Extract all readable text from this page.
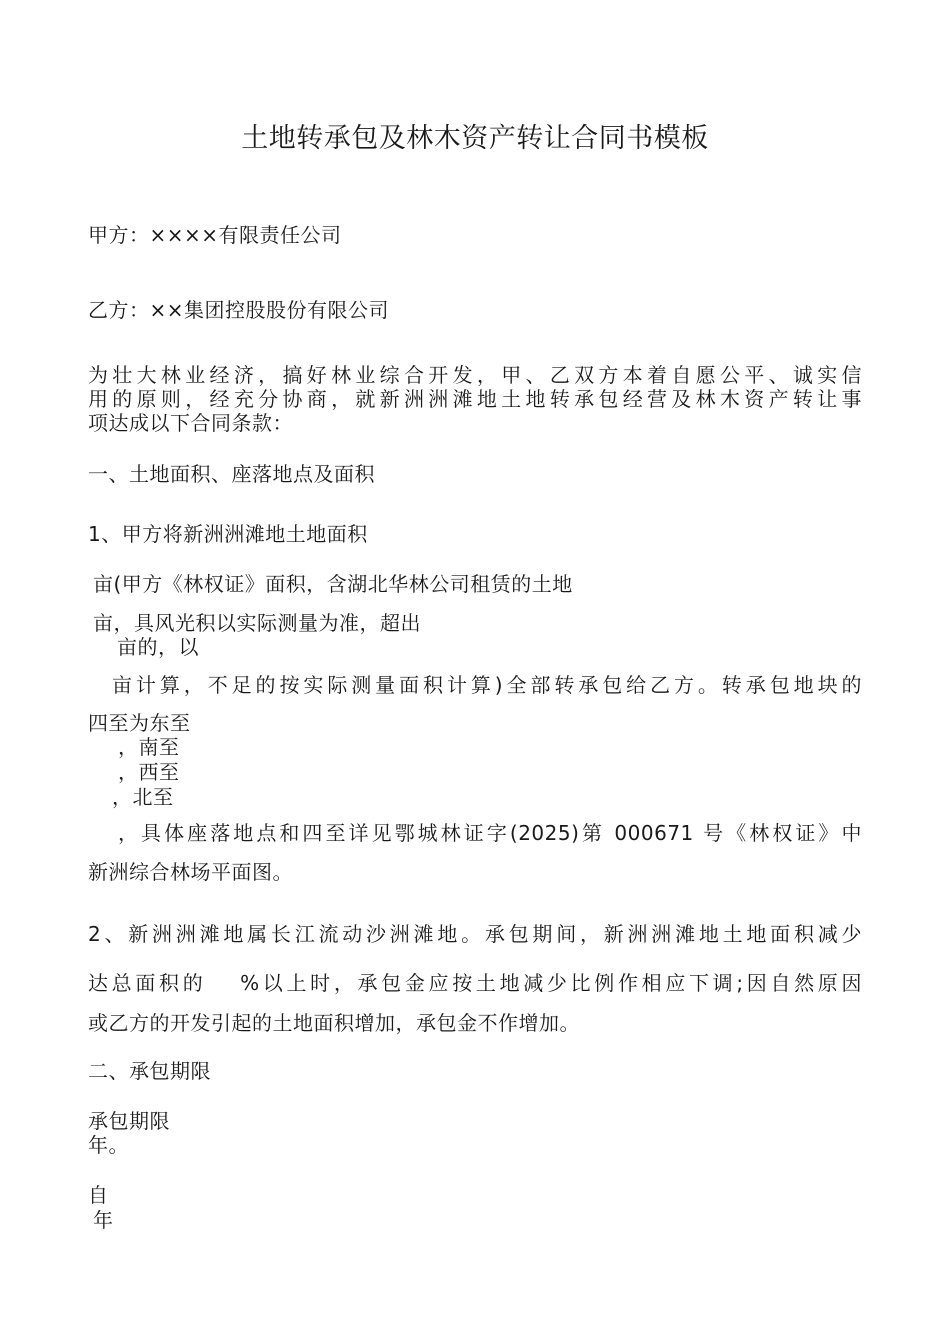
土地转承包及林木资产转让合同书模板
甲方：××××有限责任公司
乙方：××集团控股股份有限公司
为壮大林业经济，搞好林业综合开发，甲、乙双方本着自愿公平、诚实信
用的原则，经充分协商，就新洲洲滩地土地转承包经营及林木资产转让事
项达成以下合同条款：
一、土地面积、座落地点及面积
1、甲方将新洲洲滩地土地面积
亩(甲方《林权证》面积，含湖北华林公司租赁的土地
亩，具风光积以实际测量为准，超出
亩的，以
亩计算，不足的按实际测量面积计算)全部转承包给乙方。转承包地块的
四至为东至
，南至
，西至
，北至
，具体座落地点和四至详见鄂城林证字(2025)第 000671 号《林权证》中
新洲综合林场平面图。
2、新洲洲滩地属长江流动沙洲滩地。承包期间，新洲洲滩地土地面积减少
达总面积的　 %以上时，承包金应按土地减少比例作相应下调;因自然原因
或乙方的开发引起的土地面积增加，承包金不作增加。
二、承包期限
承包期限
年。
自
年
